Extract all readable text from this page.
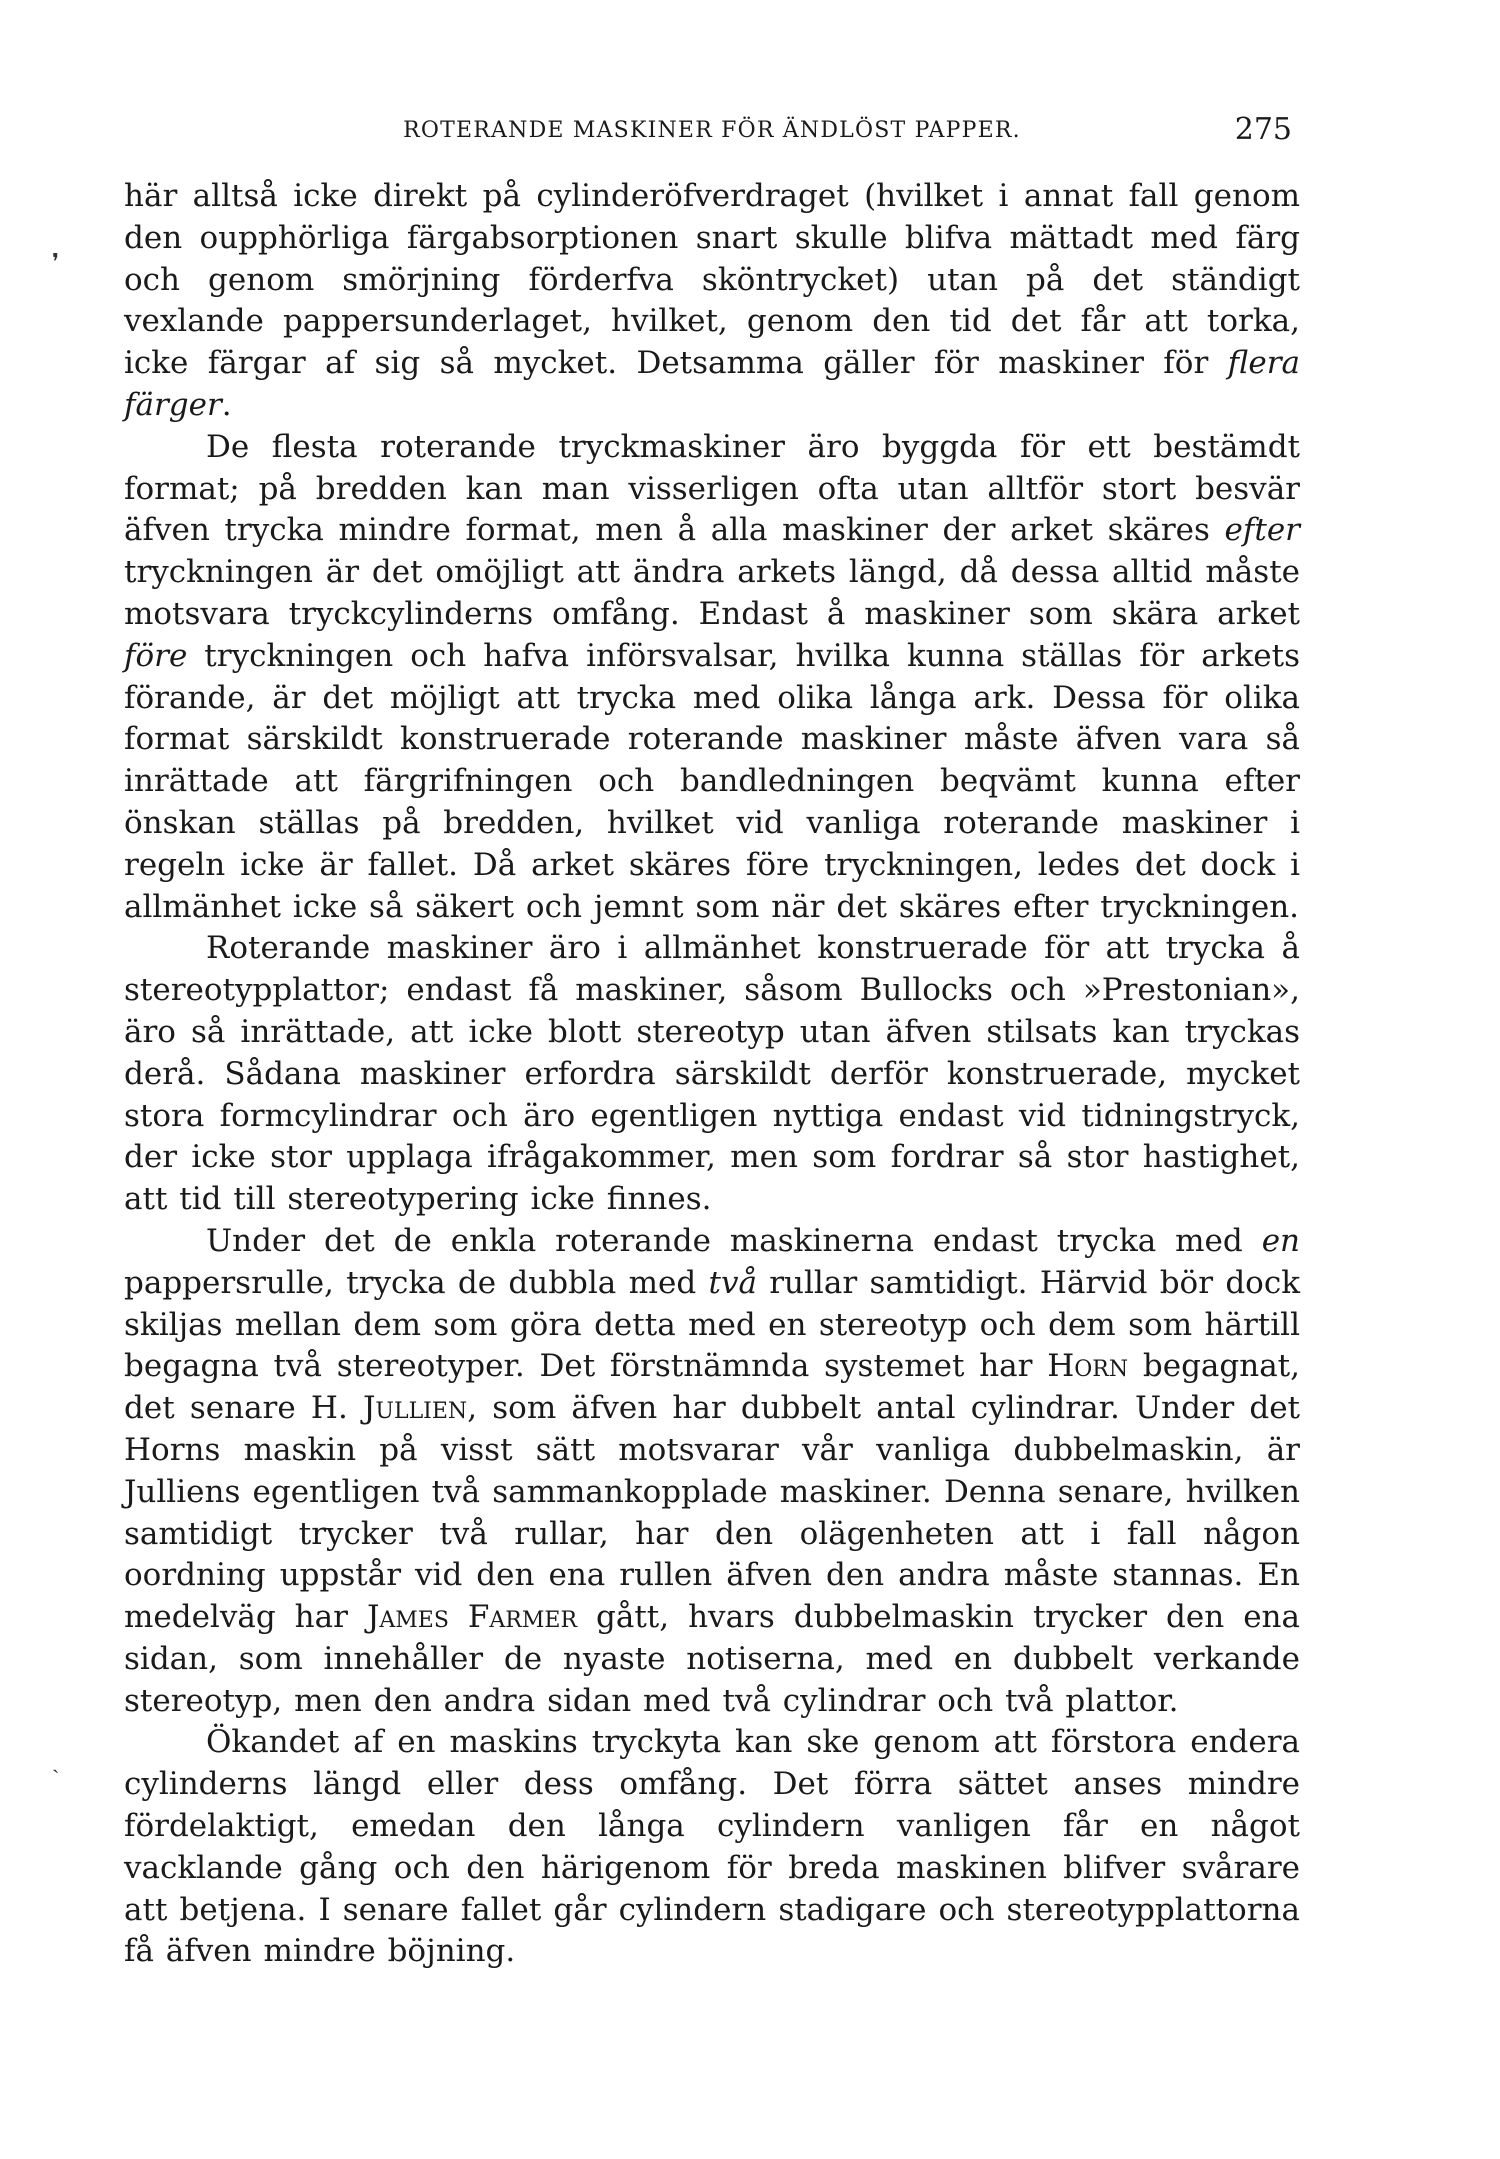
ROTERANDE MASKINER FÖR ÄNDLÖST PAPPER.	275

här alltså icke direkt på cylinderöfverdraget (hvilket i annat fall genom den oupphörliga färgabsorptionen snart skulle blifva mättadt med färg och genom smörjning förderfva sköntrycket) utan på det ständigt vexlande pappersunderlaget, hvilket, genom den tid det får att torka, icke färgar af sig så mycket. Detsamma gäller för maskiner för flera färger.

De flesta roterande tryckmaskiner äro byggda för ett bestämdt format; på bredden kan man visserligen ofta utan alltför stort besvär äfven trycka mindre format, men å alla maskiner der arket skäres efter tryckningen är det omöjligt att ändra arkets längd, då dessa alltid måste motsvara tryckcylinderns omfång. Endast å maskiner som skära arket före tryckningen och hafva införsvalsar, hvilka kunna ställas för arkets förande, är det möjligt att trycka med olika långa ark. Dessa för olika format särskildt konstruerade roterande maskiner måste äfven vara så inrättade att färgrifningen och bandledningen beqvämt kunna efter önskan ställas på bredden, hvilket vid vanliga roterande maskiner i regeln icke är fallet. Då arket skäres före tryckningen, ledes det dock i allmänhet icke så säkert och jemnt som när det skäres efter tryckningen.

Roterande maskiner äro i allmänhet konstruerade för att trycka å stereotypplattor; endast få maskiner, såsom Bullocks och »Prestonian», äro så inrättade, att icke blott stereotyp utan äfven stilsats kan tryckas derå. Sådana maskiner erfordra särskildt derför konstruerade, mycket stora formcylindrar och äro egentligen nyttiga endast vid tidningstryck, der icke stor upplaga ifrågakommer, men som fordrar så stor hastighet, att tid till stereotypering icke finnes.

Under det de enkla roterande maskinerna endast trycka med en pappersrulle, trycka de dubbla med två rullar samtidigt. Härvid bör dock skiljas mellan dem som göra detta med en stereotyp och dem som härtill begagna två stereotyper. Det förstnämnda systemet har Horn begagnat, det senare H. Jullien, som äfven har dubbelt antal cylindrar. Under det Horns maskin på visst sätt motsvarar vår vanliga dubbelmaskin, är Julliens egentligen två sammankopplade maskiner. Denna senare, hvilken samtidigt trycker två rullar, har den olägenheten att i fall någon oordning uppstår vid den ena rullen äfven den andra måste stannas. En medelväg har James Farmer gått, hvars dubbelmaskin trycker den ena sidan, som innehåller de nyaste notiserna, med en dubbelt verkande stereotyp, men den andra sidan med två cylindrar och två plattor.

Ökandet af en maskins tryckyta kan ske genom att förstora endera cylinderns längd eller dess omfång. Det förra sättet anses mindre fördelaktigt, emedan den långa cylindern vanligen får en något vacklande gång och den härigenom för breda maskinen blifver svårare att betjena. I senare fallet går cylindern stadigare och stereotypplattorna få äfven mindre böjning.

❜
ˏ
